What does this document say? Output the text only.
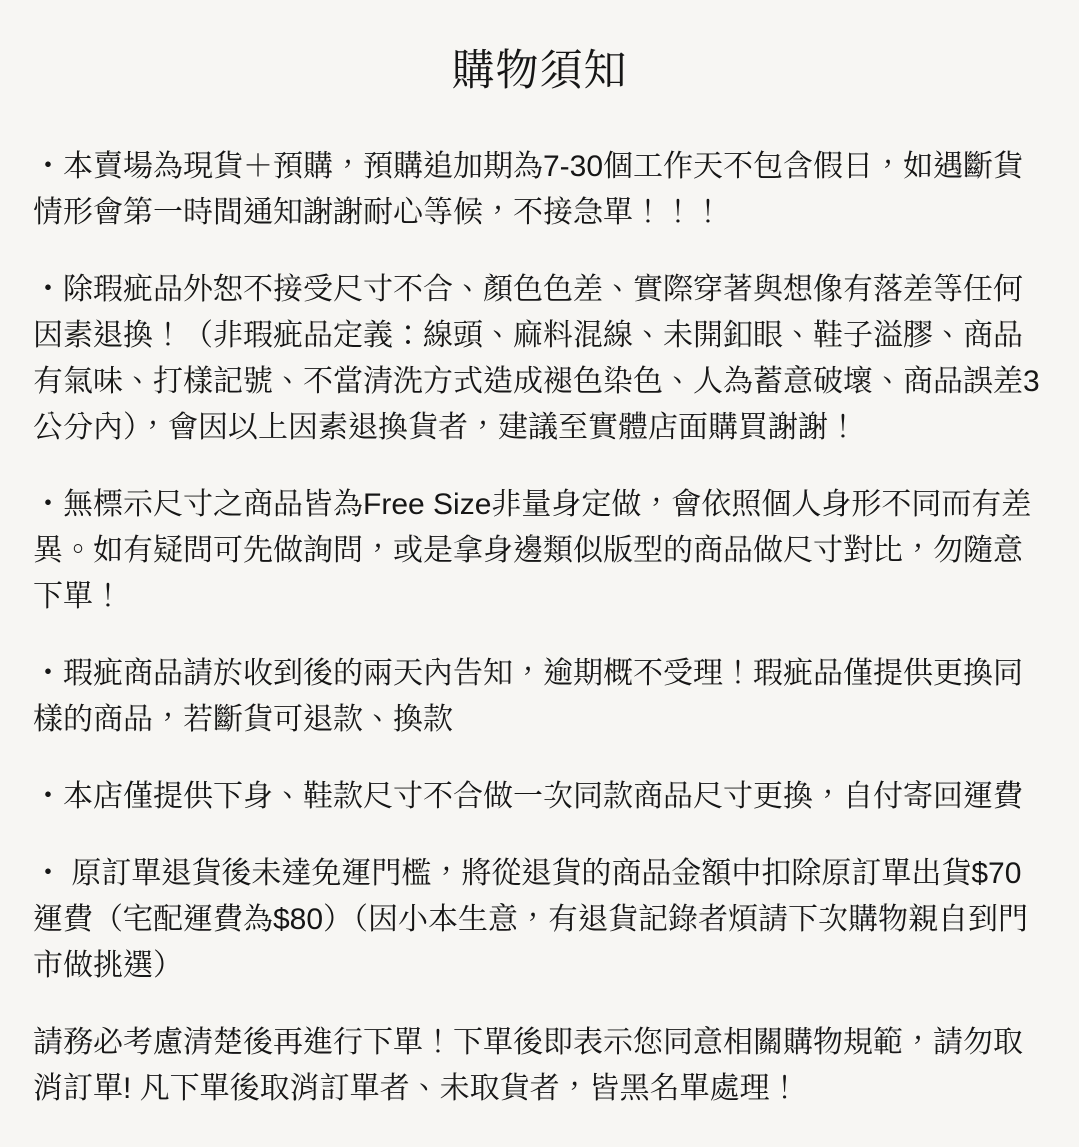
購物須知

・本賣場為現貨＋預購，預購追加期為7-30個工作天不包含假日，如遇斷貨情形會第一時間通知謝謝耐心等候，不接急單！！！

・除瑕疵品外恕不接受尺寸不合、顏色色差、實際穿著與想像有落差等任何因素退換！（非瑕疵品定義：線頭、麻料混線、未開釦眼、鞋子溢膠、商品有氣味、打樣記號、不當清洗方式造成褪色染色、人為蓄意破壞、商品誤差3公分內），會因以上因素退換貨者，建議至實體店面購買謝謝！

・無標示尺寸之商品皆為Free Size非量身定做，會依照個人身形不同而有差異。如有疑問可先做詢問，或是拿身邊類似版型的商品做尺寸對比，勿隨意下單！

・瑕疵商品請於收到後的兩天內告知，逾期概不受理！瑕疵品僅提供更換同樣的商品，若斷貨可退款、換款

・本店僅提供下身、鞋款尺寸不合做一次同款商品尺寸更換，自付寄回運費

・ 原訂單退貨後未達免運門檻，將從退貨的商品金額中扣除原訂單出貨$70運費（宅配運費為$80）（因小本生意，有退貨記錄者煩請下次購物親自到門市做挑選）

請務必考慮清楚後再進行下單！下單後即表示您同意相關購物規範，請勿取消訂單! 凡下單後取消訂單者、未取貨者，皆黑名單處理！
